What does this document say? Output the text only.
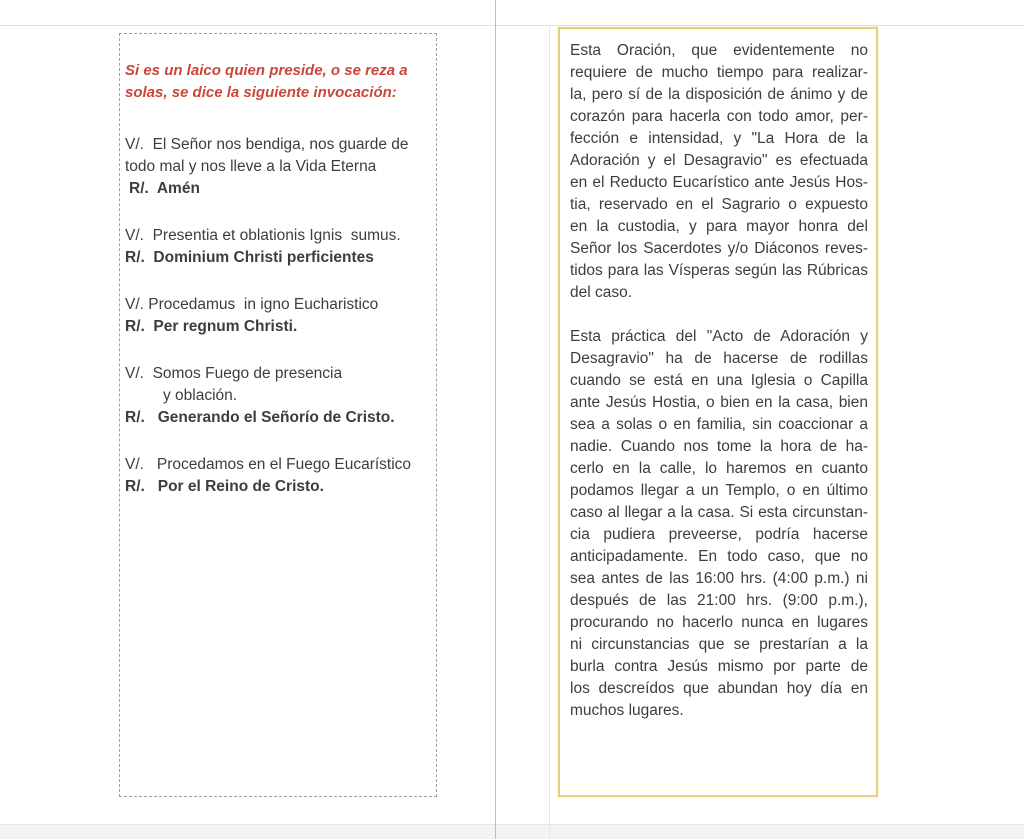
Si es un laico quien preside, o se reza a
solas, se dice la siguiente invocación:
V/.  El Señor nos bendiga, nos guarde de
todo mal y nos lleve a la Vida Eterna
R/.  Amén
V/.  Presentia et oblationis Ignis  sumus.
R/.  Dominium Christi perficientes
V/. Procedamus  in igno Eucharistico
R/.  Per regnum Christi.
V/.  Somos Fuego de presencia
y oblación.
R/.   Generando el Señorío de Cristo.
V/.   Procedamos en el Fuego Eucarístico
R/.   Por el Reino de Cristo.
Esta Oración, que evidentemente no
requiere de mucho tiempo para realizar-
la, pero sí de la disposición de ánimo y de
corazón para hacerla con todo amor, per-
fección e intensidad, y "La Hora de la
Adoración y el Desagravio" es efectuada
en el Reducto Eucarístico ante Jesús Hos-
tia, reservado en el Sagrario o expuesto
en la custodia, y para mayor honra del
Señor los Sacerdotes y/o Diáconos reves-
tidos para las Vísperas según las Rúbricas
del caso.
Esta práctica del "Acto de Adoración y
Desagravio" ha de hacerse de rodillas
cuando se está en una Iglesia o Capilla
ante Jesús Hostia, o bien en la casa, bien
sea a solas o en familia, sin coaccionar a
nadie. Cuando nos tome la hora de ha-
cerlo en la calle, lo haremos en cuanto
podamos llegar a un Templo, o en último
caso al llegar a la casa. Si esta circunstan-
cia pudiera preveerse, podría hacerse
anticipadamente. En todo caso, que no
sea antes de las 16:00 hrs. (4:00 p.m.) ni
después de las 21:00 hrs. (9:00 p.m.),
procurando no hacerlo nunca en lugares
ni circunstancias que se prestarían a la
burla contra Jesús mismo por parte de
los descreídos que abundan hoy día en
muchos lugares.
